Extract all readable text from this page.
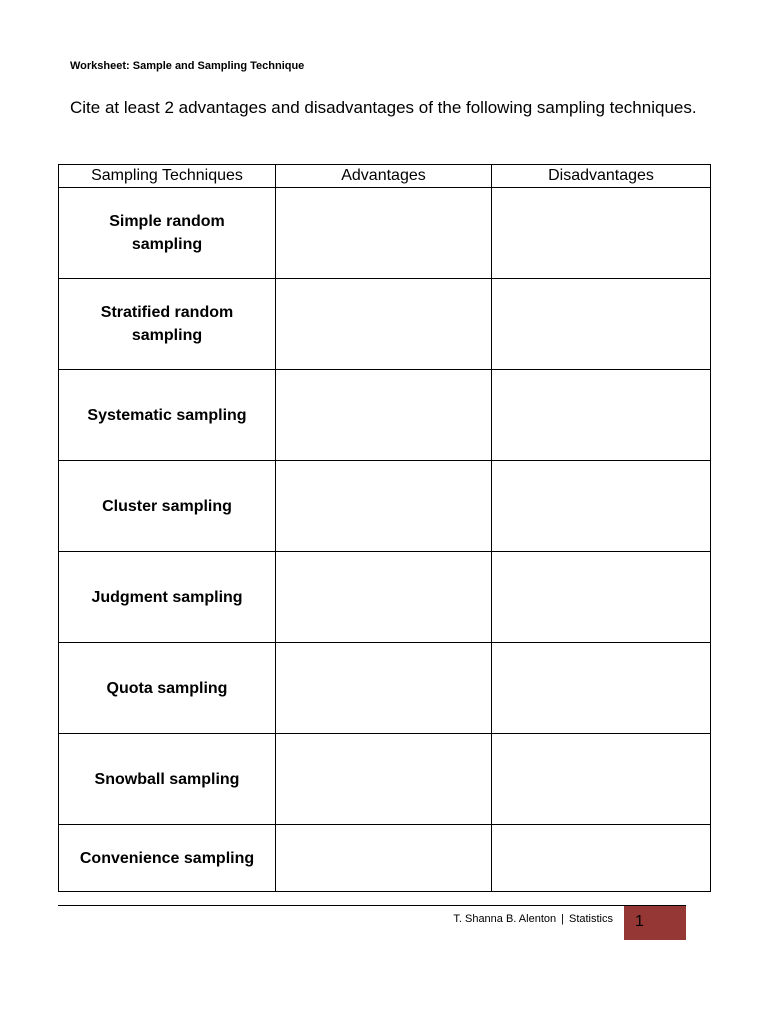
Worksheet: Sample and Sampling Technique
Cite at least 2 advantages and disadvantages of the following sampling techniques.
Sampling Techniques	Advantages	Disadvantages
Simple random sampling		
Stratified random sampling		
Systematic sampling		
Cluster sampling		
Judgment sampling		
Quota sampling		
Snowball sampling		
Convenience sampling		
T. Shanna B. Alenton | Statistics	1
